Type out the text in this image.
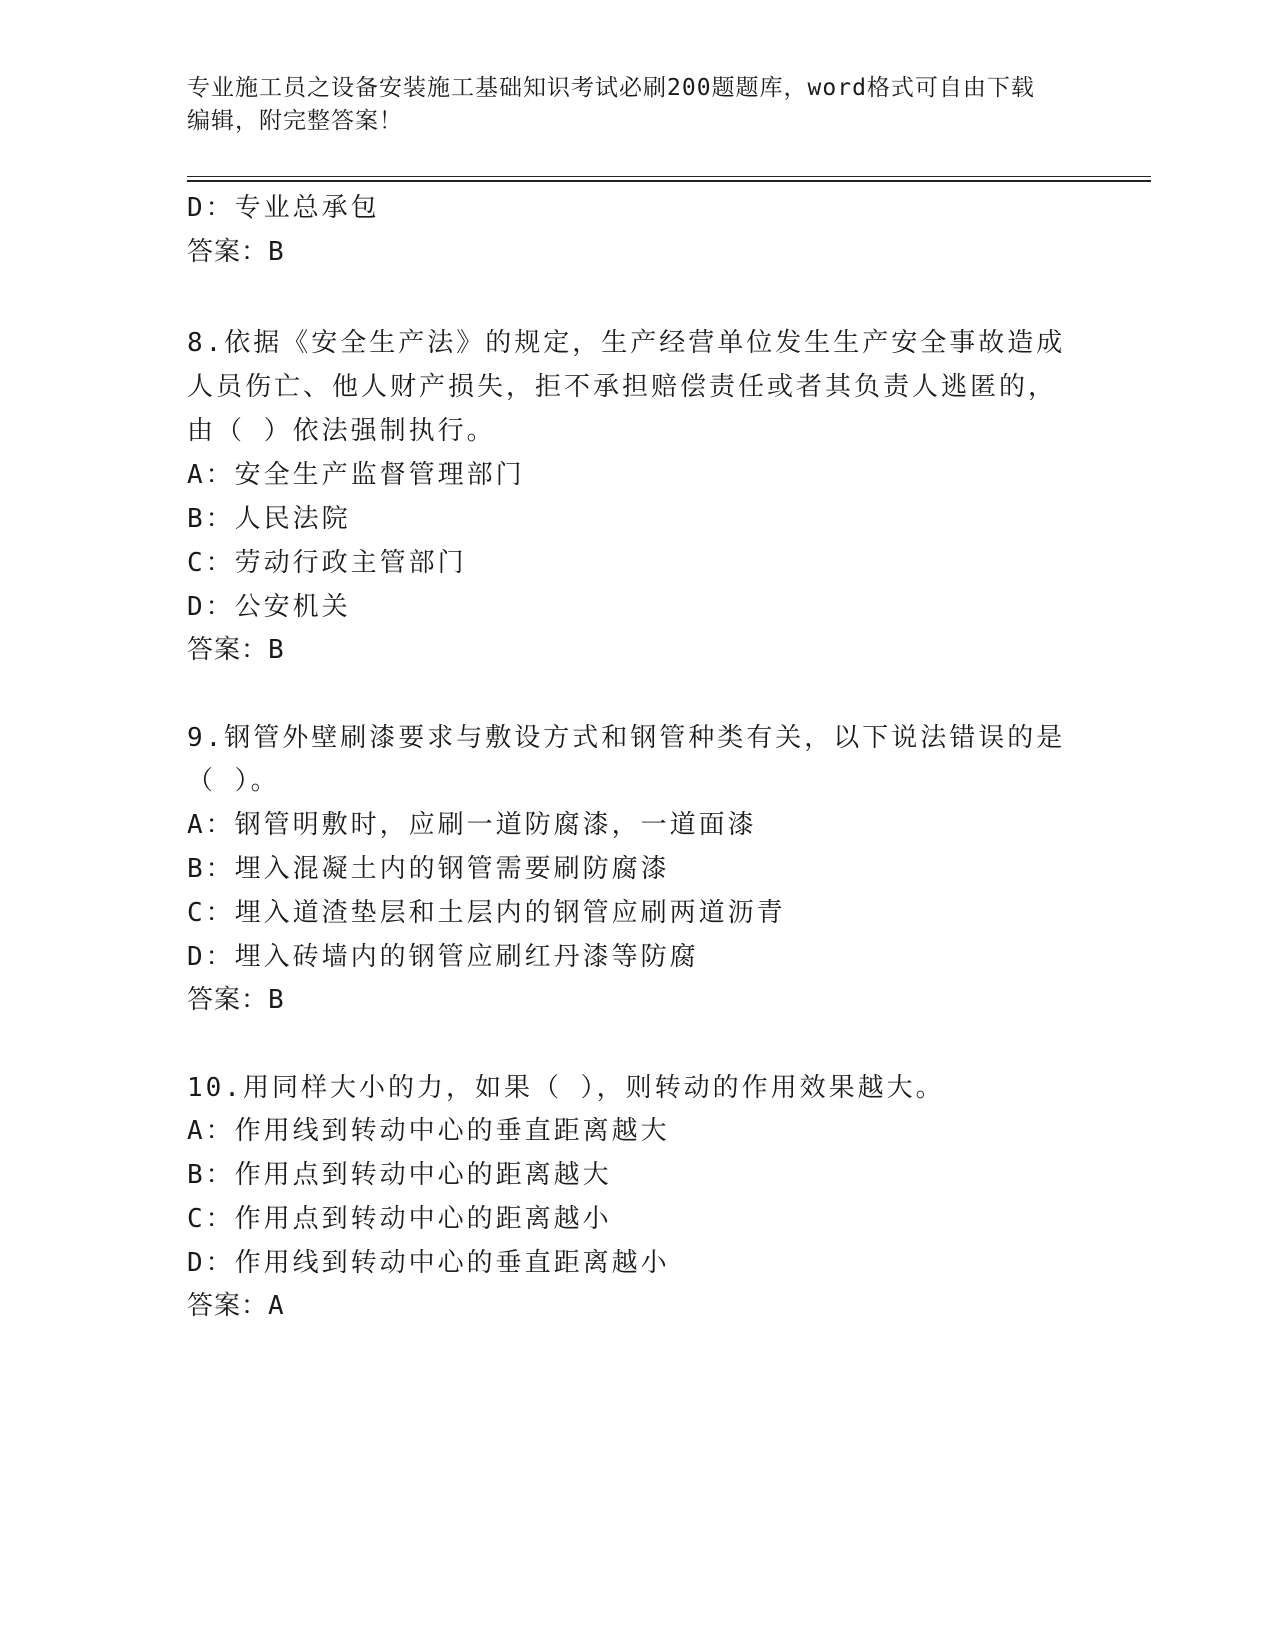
专业施工员之设备安装施工基础知识考试必刷200题题库，word格式可自由下载
编辑，附完整答案！
D：专业总承包
答案：B
8.依据《安全生产法》的规定，生产经营单位发生生产安全事故造成
人员伤亡、他人财产损失，拒不承担赔偿责任或者其负责人逃匿的，
由（ ）依法强制执行。
A：安全生产监督管理部门
B：人民法院
C：劳动行政主管部门
D：公安机关
答案：B
9.钢管外壁刷漆要求与敷设方式和钢管种类有关，以下说法错误的是
（ ）。
A：钢管明敷时，应刷一道防腐漆，一道面漆
B：埋入混凝土内的钢管需要刷防腐漆
C：埋入道渣垫层和土层内的钢管应刷两道沥青
D：埋入砖墙内的钢管应刷红丹漆等防腐
答案：B
10.用同样大小的力，如果（ ），则转动的作用效果越大。
A：作用线到转动中心的垂直距离越大
B：作用点到转动中心的距离越大
C：作用点到转动中心的距离越小
D：作用线到转动中心的垂直距离越小
答案：A
